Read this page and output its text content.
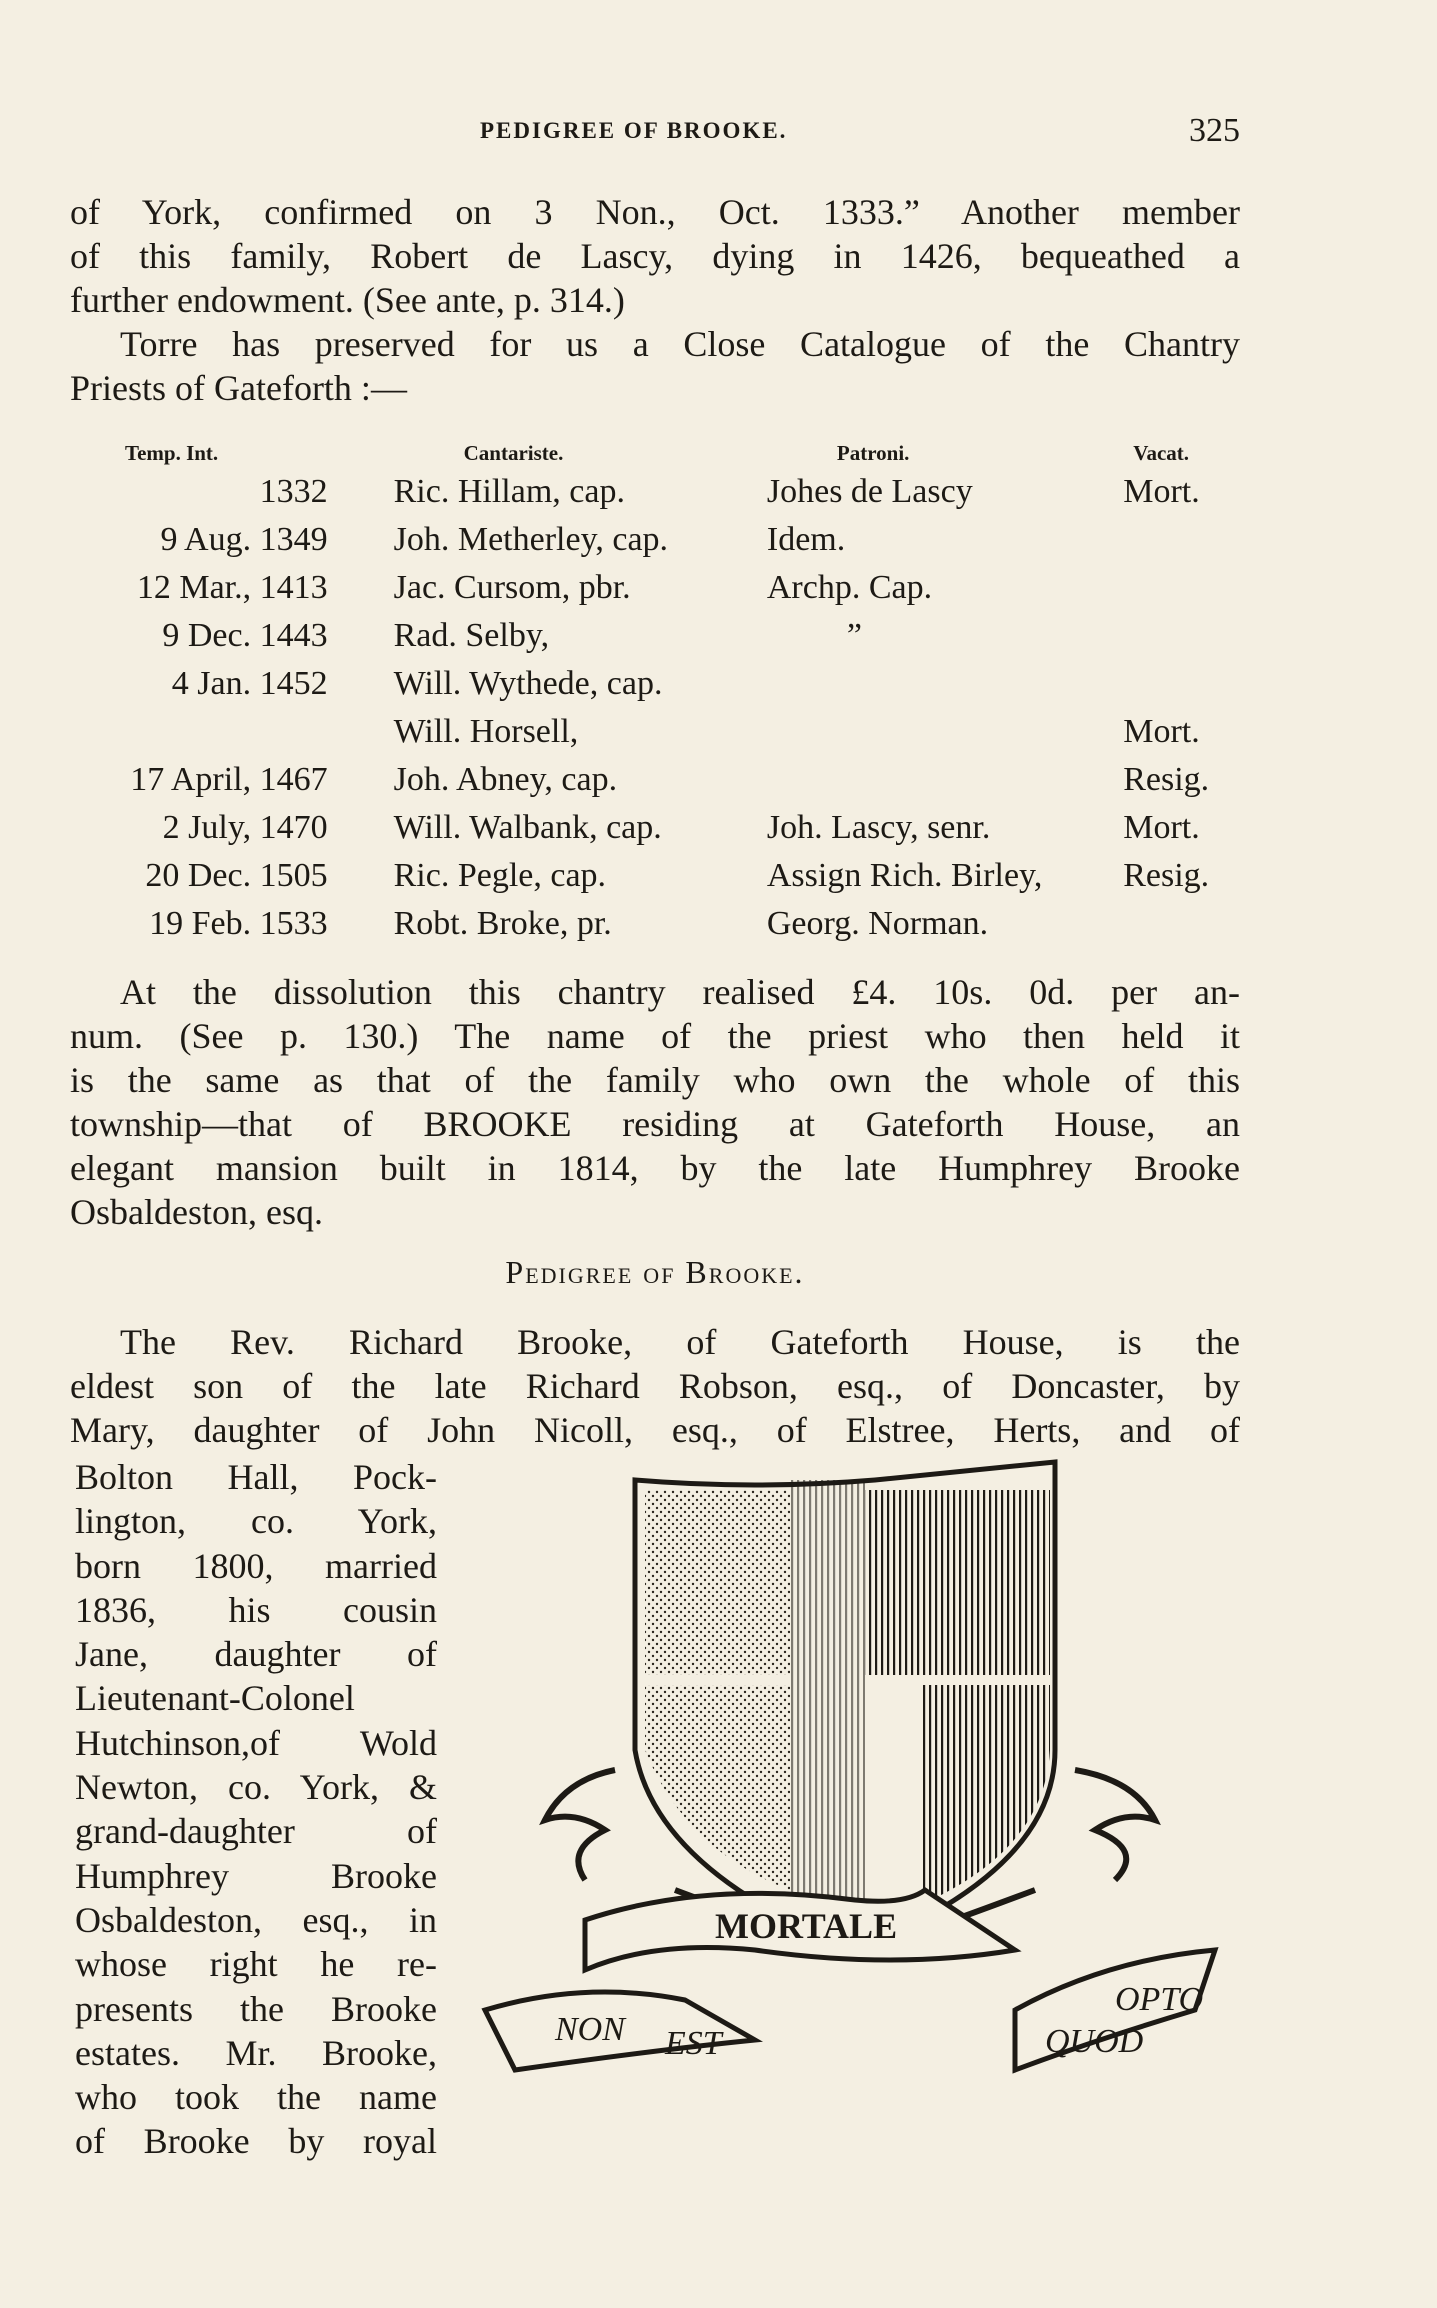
PEDIGREE OF BROOKE.	325
of York, confirmed on 3 Non., Oct. 1333.” Another member
of this family, Robert de Lascy, dying in 1426, bequeathed a
further endowment. (See ante, p. 314.)
Torre has preserved for us a Close Catalogue of the Chantry
Priests of Gateforth :—
Temp. Int.	Cantariste.	Patroni.	Vacat.
1332	Ric. Hillam, cap.	Johes de Lascy	Mort.
9 Aug. 1349	Joh. Metherley, cap.	Idem.	
12 Mar., 1413	Jac. Cursom, pbr.	Archp. Cap.	
9 Dec. 1443	Rad. Selby,	”	
4 Jan. 1452	Will. Wythede, cap.		
	Will. Horsell,		Mort.
17 April, 1467	Joh. Abney, cap.		Resig.
2 July, 1470	Will. Walbank, cap.	Joh. Lascy, senr.	Mort.
20 Dec. 1505	Ric. Pegle, cap.	Assign Rich. Birley,	Resig.
19 Feb. 1533	Robt. Broke, pr.	Georg. Norman.	
At the dissolution this chantry realised £4. 10s. 0d. per an-
num. (See p. 130.) The name of the priest who then held it
is the same as that of the family who own the whole of this
township—that of BROOKE residing at Gateforth House, an
elegant mansion built in 1814, by the late Humphrey Brooke
Osbaldeston, esq.
Pedigree of Brooke.
The Rev. Richard Brooke, of Gateforth House, is the
eldest son of the late Richard Robson, esq., of Doncaster, by
Mary, daughter of John Nicoll, esq., of Elstree, Herts, and of
Bolton Hall, Pock-
lington, co. York,
born 1800, married
1836, his cousin
Jane, daughter of
Lieutenant-Colonel
Hutchinson,of Wold
Newton, co. York, &
grand-daughter of
Humphrey Brooke
Osbaldeston, esq., in
whose right he re-
presents the Brooke
estates. Mr. Brooke,
who took the name
of Brooke by royal
MORTALE
NON EST	QUOD
OPTO
